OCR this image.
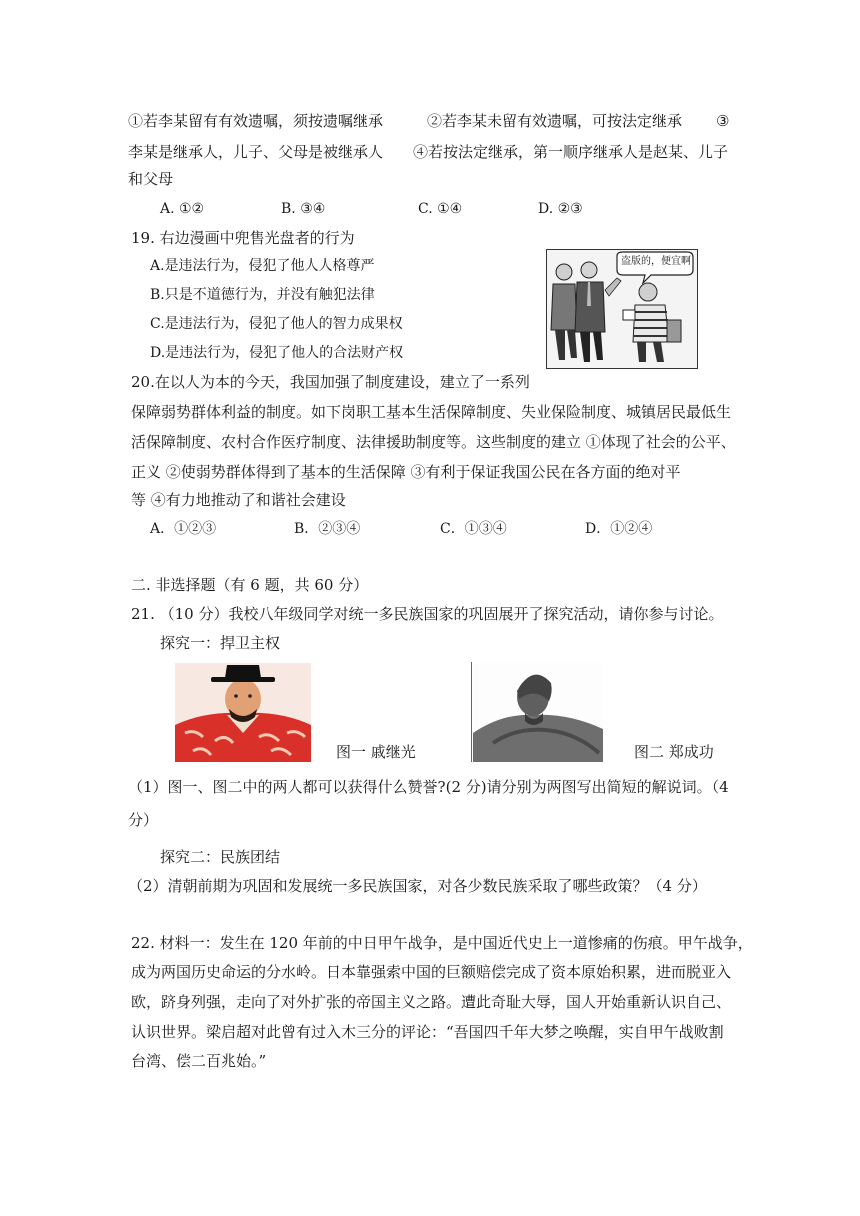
①若李某留有有效遗嘱，须按遗嘱继承	②若李某未留有效遗嘱，可按法定继承 ③
李某是继承人，儿子、父母是被继承人 ④若按法定继承，第一顺序继承人是赵某、儿子
和父母
A. ①②	B. ③④	C. ①④	D. ②③
19. 右边漫画中兜售光盘者的行为
A.是违法行为，侵犯了他人人格尊严
B.只是不道德行为，并没有触犯法律
C.是违法行为，侵犯了他人的智力成果权
D.是违法行为，侵犯了他人的合法财产权
盗版的，便宜啊
20.在以人为本的今天，我国加强了制度建设，建立了一系列
保障弱势群体利益的制度。如下岗职工基本生活保障制度、失业保险制度、城镇居民最低生
活保障制度、农村合作医疗制度、法律援助制度等。这些制度的建立 ①体现了社会的公平、
正义 ②使弱势群体得到了基本的生活保障 ③有利于保证我国公民在各方面的绝对平
等 ④有力地推动了和谐社会建设
A．①②③	B．②③④	C．①③④	D．①②④
二. 非选择题（有 6 题，共 60 分）
21. （10 分）我校八年级同学对统一多民族国家的巩固展开了探究活动，请你参与讨论。
探究一：捍卫主权
图一 戚继光	图二 郑成功
（1）图一、图二中的两人都可以获得什么赞誉?(2 分)请分别为两图写出简短的解说词。（4
分）
探究二：民族团结
（2）清朝前期为巩固和发展统一多民族国家，对各少数民族采取了哪些政策？（4 分）
22. 材料一：发生在 120 年前的中日甲午战争，是中国近代史上一道惨痛的伤痕。甲午战争，
成为两国历史命运的分水岭。日本靠强索中国的巨额赔偿完成了资本原始积累，进而脱亚入
欧，跻身列强，走向了对外扩张的帝国主义之路。遭此奇耻大辱，国人开始重新认识自己、
认识世界。梁启超对此曾有过入木三分的评论：“吾国四千年大梦之唤醒，实自甲午战败割
台湾、偿二百兆始。”
